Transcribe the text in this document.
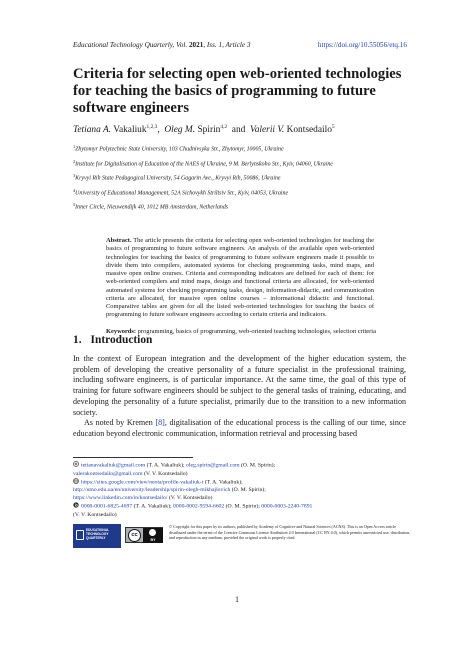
Educational Technology Quarterly, Vol. 2021, Iss. 1, Article 3	https://doi.org/10.55056/etq.16
Criteria for selecting open web-oriented technologies for teaching the basics of programming to future software engineers
Tetiana A. Vakaliuk$^{1,2,3}$,  Oleg M. Spirin$^{4,2}$  and  Valerii V. Kontsedailo$^5$
$^1$Zhytomyr Polytechnic State University, 103 Chudnivsyka Str., Zhytomyr, 10005, Ukraine
$^2$Institute for Digitalisation of Education of the NAES of Ukraine, 9 M. Berlynskoho Str., Kyiv, 04060, Ukraine
$^3$Kryvyi Rih State Pedagogical University, 54 Gagarin Ave., Kryvyi Rih, 50086, Ukraine
$^4$University of Educational Management, 52A Sichovykh Striltsiv Str., Kyiv, 04053, Ukraine
$^5$Inner Circle, Nieuwendijk 40, 1012 MB Amsterdam, Netherlands
Abstract. The article presents the criteria for selecting open web-oriented technologies for teaching the basics of programming to future software engineers. An analysis of the available open web-oriented technologies for teaching the basics of programming to future software engineers made it possible to divide them into compilers, automated systems for checking programming tasks, mind maps, and massive open online courses. Criteria and corresponding indicators are defined for each of them: for web-oriented compilers and mind maps, design and functional criteria are allocated, for web-oriented automated systems for checking programming tasks, design, information-didactic, and communication criteria are allocated, for massive open online courses – informational didactic and functional. Comparative tables are given for all the listed web-oriented technologies for teaching the basics of programming to future software engineers according to certain criteria and indicators.
Keywords: programming, basics of programming, web-oriented teaching technologies, selection criteria
1. Introduction

In the context of European integration and the development of the higher education system, the problem of developing the creative personality of a future specialist in the professional training, including software engineers, is of particular importance. At the same time, the goal of this type of training for future software engineers should be subject to the general tasks of training, educating, and developing the personality of a future specialist, primarily due to the transition to a new information society.

As noted by Kremen [8], digitalisation of the educational process is the calling of our time, since education beyond electronic communication, information retrieval and processing based

tetianavakaliuk@gmail.com (T. A. Vakaliuk); oleg.spirin@gmail.com (O. M. Spirin);
valerakontsedailo@gmail.com (V. V. Kontsedailo)
https://sites.google.com/view/neota/profile-vakaliuk-t (T. A. Vakaliuk);
http://umo.edu.ua/en/university/leadership/spirin-olegh-mikhajlovich (O. M. Spirin);
https://www.linkedin.com/in/kontsedailo/ (V. V. Kontsedailo)
0000-0001-6825-4697 (T. A. Vakaliuk); 0000-0002-9594-6602 (O. M. Spirin); 0000-0003-2240-7891
(V. V. Kontsedailo)
EDUCATIONAL TECHNOLOGY QUARTERLY	cc
BY
© Copyright for this paper by its authors, published by Academy of Cognitive and Natural Sciences (ACNS). This is an Open Access article distributed under the terms of the Creative Commons License Attribution 4.0 International (CC BY 4.0), which permits unrestricted use, distribution, and reproduction in any medium, provided the original work is properly cited.
1
